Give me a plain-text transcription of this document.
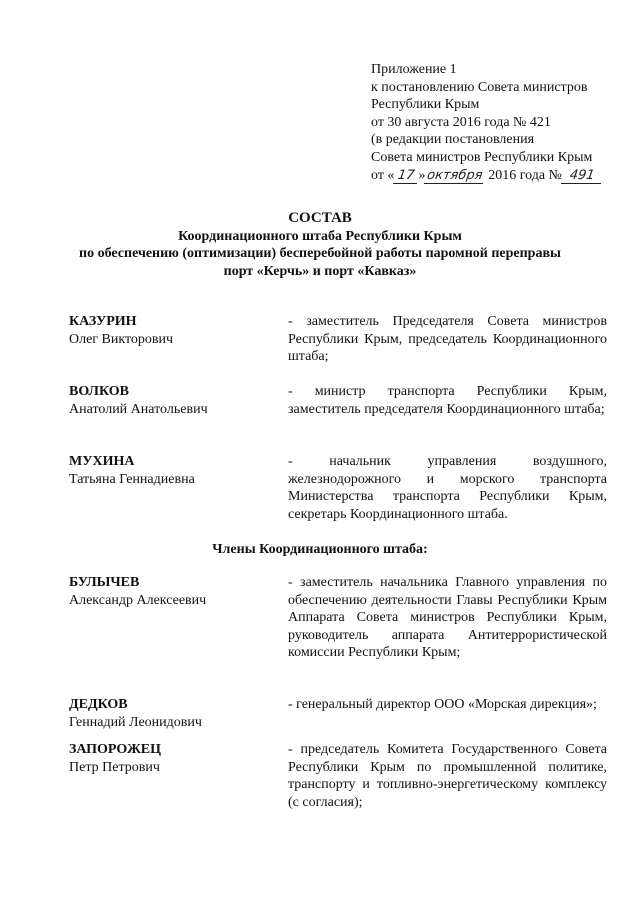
Приложение 1
к постановлению Совета министров
Республики Крым
от 30 августа 2016 года № 421
(в редакции постановления
Совета министров Республики Крым
от « 17 »октября 2016 года № 491
СОСТАВ
Координационного штаба Республики Крым
по обеспечению (оптимизации) бесперебойной работы паромной переправы
порт «Керчь» и порт «Кавказ»
КАЗУРИН
Олег Викторович
- заместитель Председателя Совета министров Республики Крым, председатель Координационного штаба;
ВОЛКОВ
Анатолий Анатольевич
- министр транспорта Республики Крым, заместитель председателя Координационного штаба;
МУХИНА
Татьяна Геннадиевна
- начальник управления воздушного, железнодорожного и морского транспорта Министерства транспорта Республики Крым, секретарь Координационного штаба.
Члены Координационного штаба:
БУЛЫЧЕВ
Александр Алексеевич
- заместитель начальника Главного управления по обеспечению деятельности Главы Республики Крым Аппарата Совета министров Республики Крым, руководитель аппарата Антитеррористической комиссии Республики Крым;
ДЕДКОВ
Геннадий Леонидович
- генеральный директор ООО «Морская дирекция»;
ЗАПОРОЖЕЦ
Петр Петрович
- председатель Комитета Государственного Совета Республики Крым по промышленной политике, транспорту и топливно-энергетическому комплексу (с согласия);
